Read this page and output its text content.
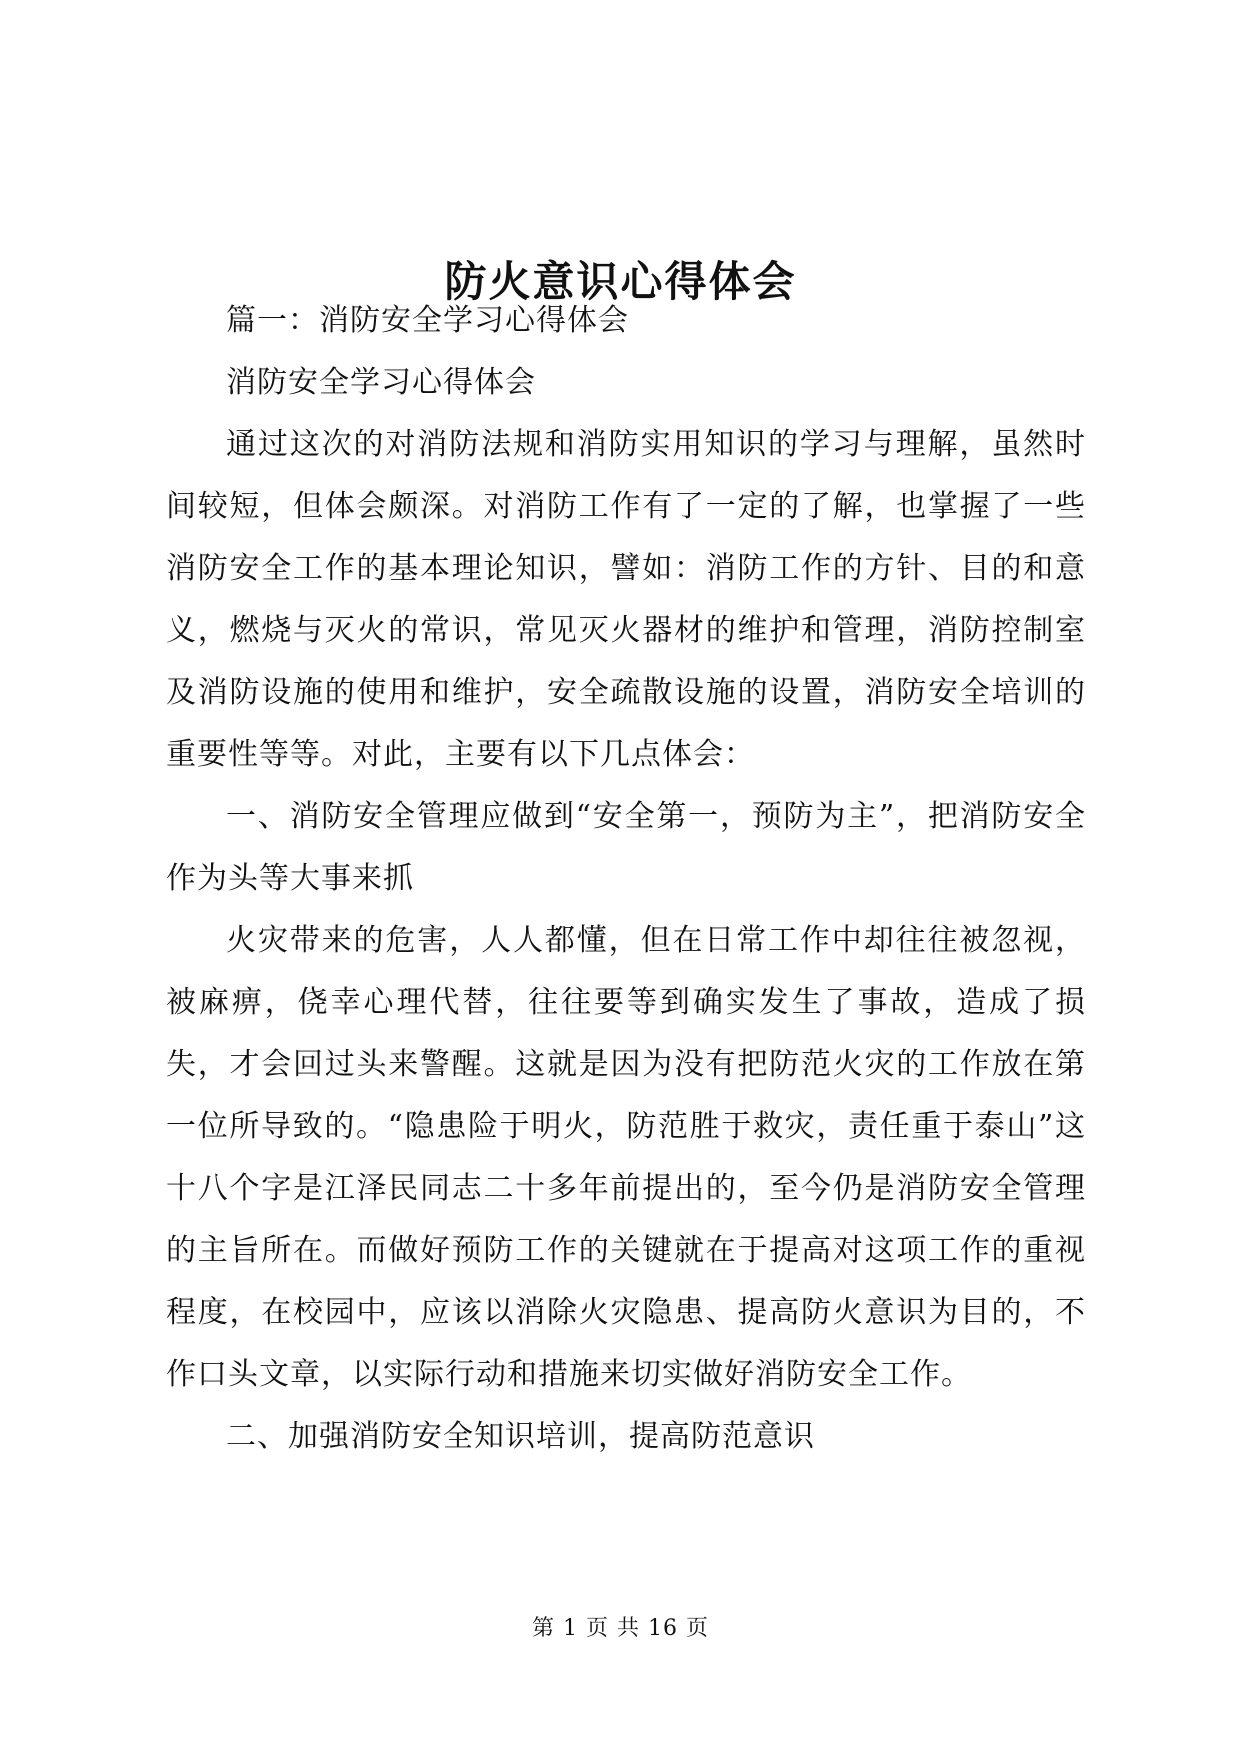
防火意识心得体会

篇一：消防安全学习心得体会

消防安全学习心得体会

通过这次的对消防法规和消防实用知识的学习与理解，虽然时间较短，但体会颇深。对消防工作有了一定的了解，也掌握了一些消防安全工作的基本理论知识，譬如：消防工作的方针、目的和意义，燃烧与灭火的常识，常见灭火器材的维护和管理，消防控制室及消防设施的使用和维护，安全疏散设施的设置，消防安全培训的重要性等等。对此，主要有以下几点体会：

一、消防安全管理应做到“安全第一，预防为主”，把消防安全作为头等大事来抓

火灾带来的危害，人人都懂，但在日常工作中却往往被忽视，被麻痹，侥幸心理代替，往往要等到确实发生了事故，造成了损失，才会回过头来警醒。这就是因为没有把防范火灾的工作放在第一位所导致的。“隐患险于明火，防范胜于救灾，责任重于泰山”这十八个字是江泽民同志二十多年前提出的，至今仍是消防安全管理的主旨所在。而做好预防工作的关键就在于提高对这项工作的重视程度，在校园中，应该以消除火灾隐患、提高防火意识为目的，不作口头文章，以实际行动和措施来切实做好消防安全工作。

二、加强消防安全知识培训，提高防范意识

第 1 页 共 16 页
